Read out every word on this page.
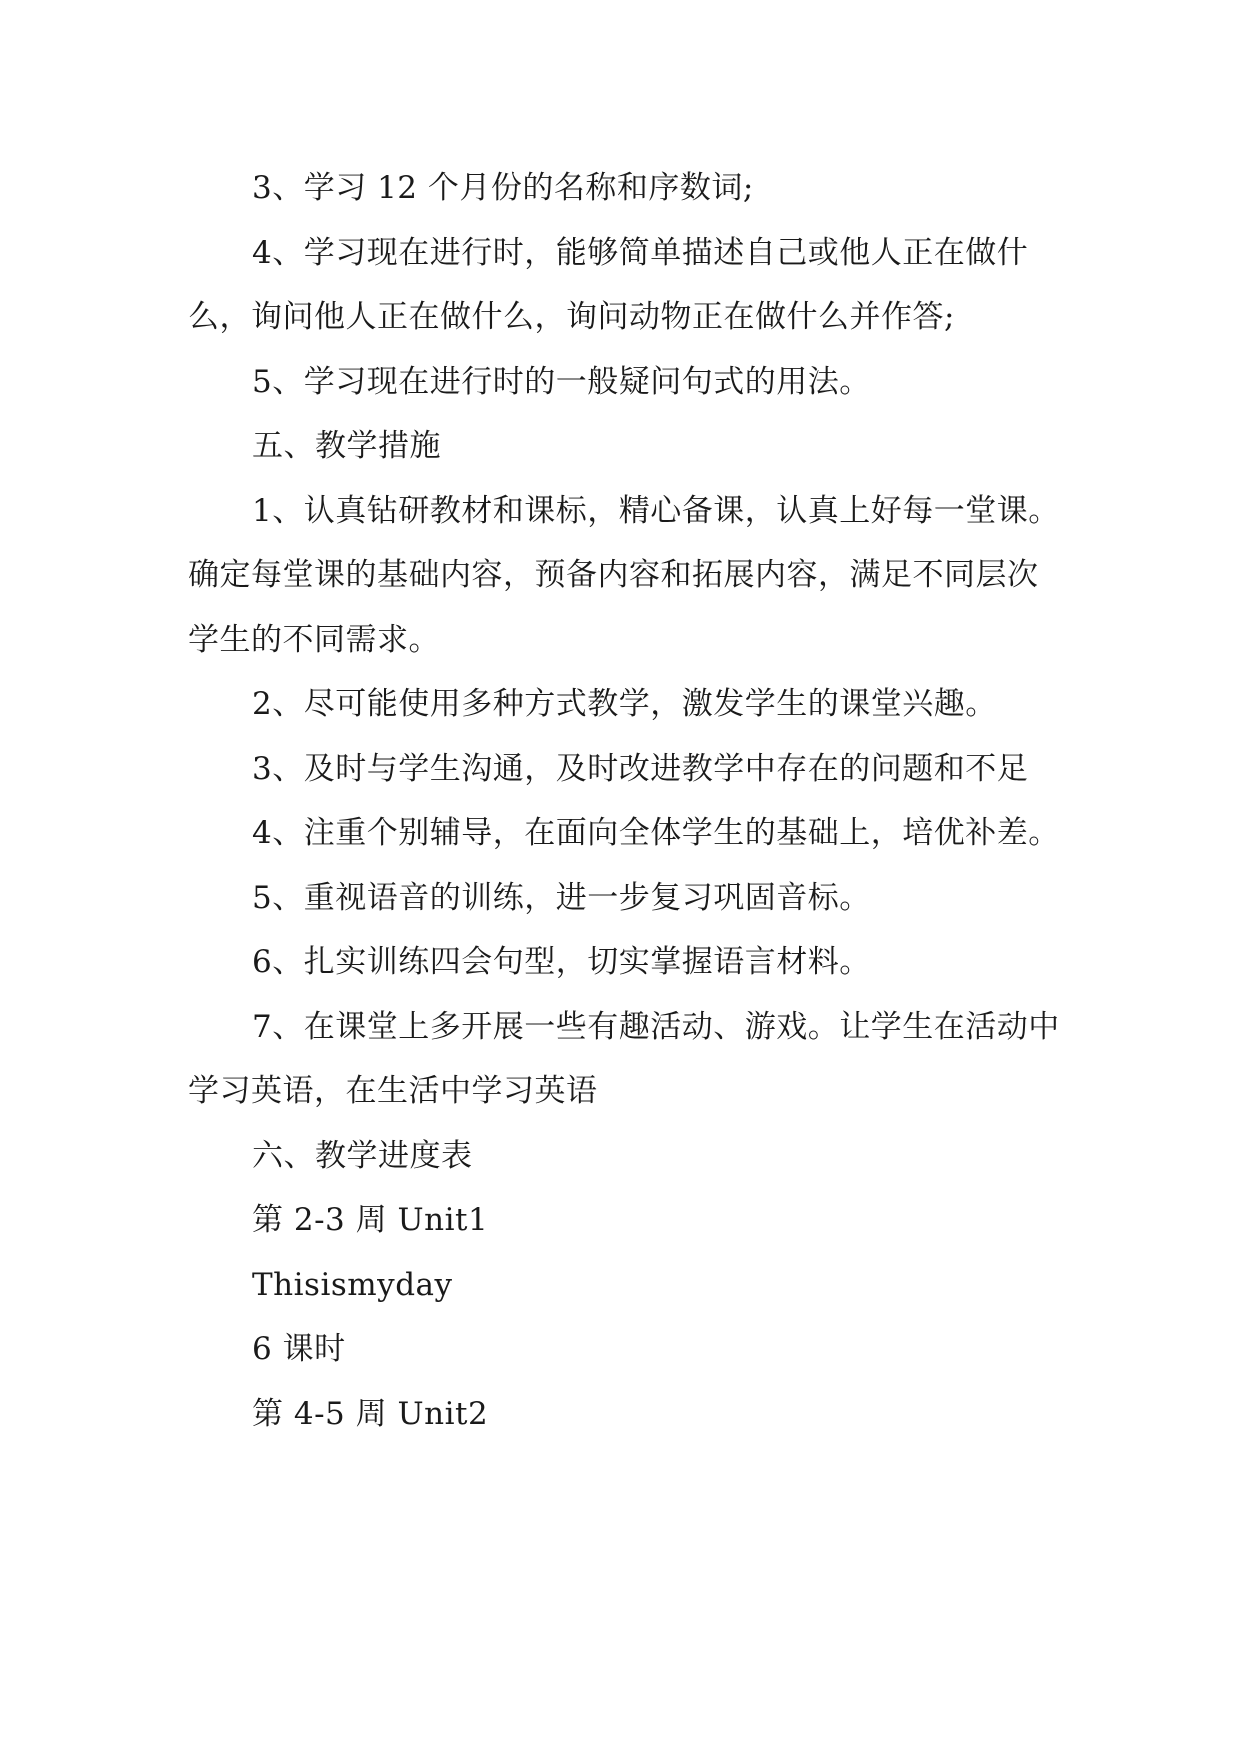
3、学习 12 个月份的名称和序数词;

4、学习现在进行时，能够简单描述自己或他人正在做什么，询问他人正在做什么，询问动物正在做什么并作答;

5、学习现在进行时的一般疑问句式的用法。

五、教学措施

1、认真钻研教材和课标，精心备课，认真上好每一堂课。确定每堂课的基础内容，预备内容和拓展内容，满足不同层次学生的不同需求。

2、尽可能使用多种方式教学，激发学生的课堂兴趣。

3、及时与学生沟通，及时改进教学中存在的问题和不足

4、注重个别辅导，在面向全体学生的基础上，培优补差。

5、重视语音的训练，进一步复习巩固音标。

6、扎实训练四会句型，切实掌握语言材料。

7、在课堂上多开展一些有趣活动、游戏。让学生在活动中学习英语，在生活中学习英语

六、教学进度表

第 2-3 周 Unit1

Thisismyday

6 课时

第 4-5 周 Unit2
